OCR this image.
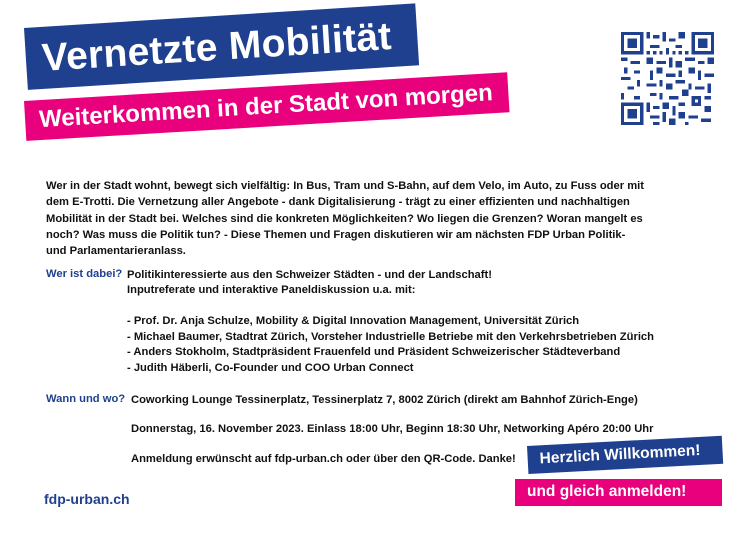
Vernetzte Mobilität
Weiterkommen in der Stadt von morgen

Wer in der Stadt wohnt, bewegt sich vielfältig: In Bus, Tram und S-Bahn, auf dem Velo, im Auto, zu Fuss oder mit dem E-Trotti. Die Vernetzung aller Angebote - dank Digitalisierung - trägt zu einer effizienten und nachhaltigen Mobilität in der Stadt bei. Welches sind die konkreten Möglichkeiten? Wo liegen die Grenzen? Woran mangelt es noch? Was muss die Politik tun? - Diese Themen und Fragen diskutieren wir am nächsten FDP Urban Politik- und Parlamentarieranlass.

Wer ist dabei? Politikinteressierte aus den Schweizer Städten - und der Landschaft!
Inputreferate und interaktive Paneldiskussion u.a. mit:
- Prof. Dr. Anja Schulze, Mobility & Digital Innovation Management, Universität Zürich
- Michael Baumer, Stadtrat Zürich, Vorsteher Industrielle Betriebe mit den Verkehrsbetrieben Zürich
- Anders Stokholm, Stadtpräsident Frauenfeld und Präsident Schweizerischer Städteverband
- Judith Häberli, Co-Founder und COO Urban Connect
Wann und wo? Coworking Lounge Tessinerplatz, Tessinerplatz 7, 8002 Zürich (direkt am Bahnhof Zürich-Enge)
Donnerstag, 16. November 2023. Einlass 18:00 Uhr, Beginn 18:30 Uhr, Networking Apéro 20:00 Uhr
Anmeldung erwünscht auf fdp-urban.ch oder über den QR-Code. Danke!
fdp-urban.ch
Herzlich Willkommen!
und gleich anmelden!
